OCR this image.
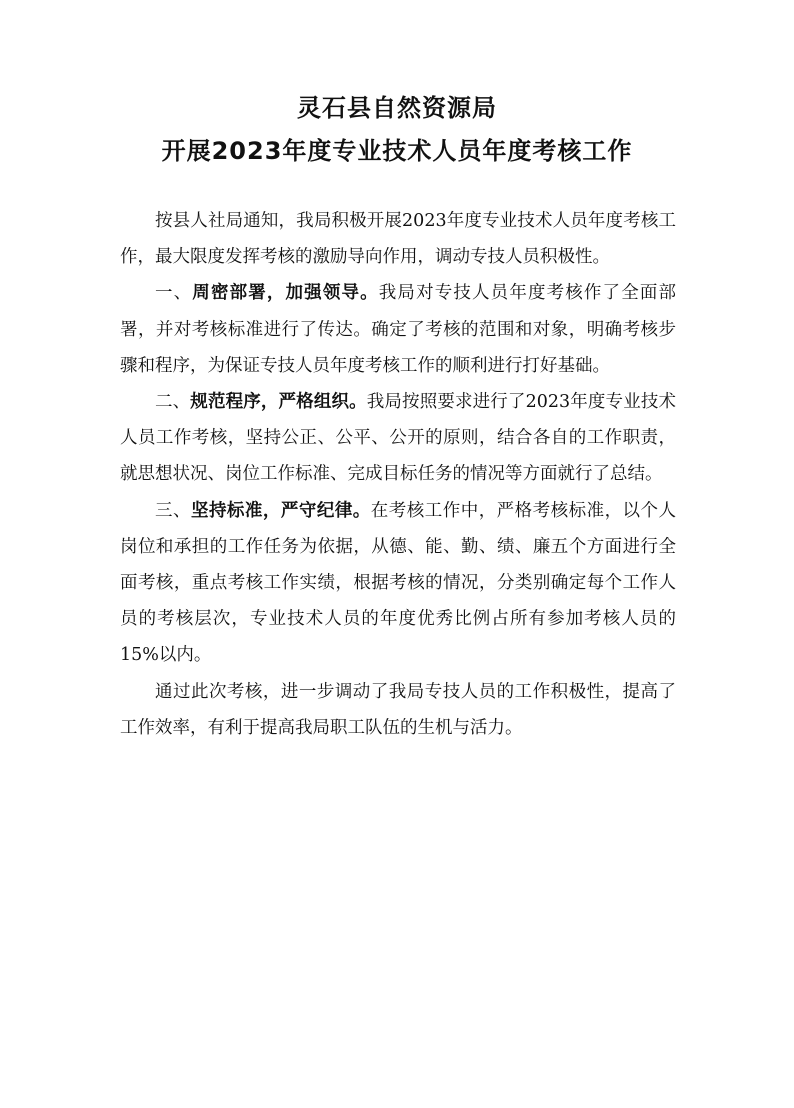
灵石县自然资源局
开展2023年度专业技术人员年度考核工作

按县人社局通知，我局积极开展2023年度专业技术人员年度考核工作，最大限度发挥考核的激励导向作用，调动专技人员积极性。

一、周密部署，加强领导。我局对专技人员年度考核作了全面部署，并对考核标准进行了传达。确定了考核的范围和对象，明确考核步骤和程序，为保证专技人员年度考核工作的顺利进行打好基础。

二、规范程序，严格组织。我局按照要求进行了2023年度专业技术人员工作考核，坚持公正、公平、公开的原则，结合各自的工作职责，就思想状况、岗位工作标准、完成目标任务的情况等方面就行了总结。

三、坚持标准，严守纪律。在考核工作中，严格考核标准，以个人岗位和承担的工作任务为依据，从德、能、勤、绩、廉五个方面进行全面考核，重点考核工作实绩，根据考核的情况，分类别确定每个工作人员的考核层次，专业技术人员的年度优秀比例占所有参加考核人员的15%以内。

通过此次考核，进一步调动了我局专技人员的工作积极性，提高了工作效率，有利于提高我局职工队伍的生机与活力。
